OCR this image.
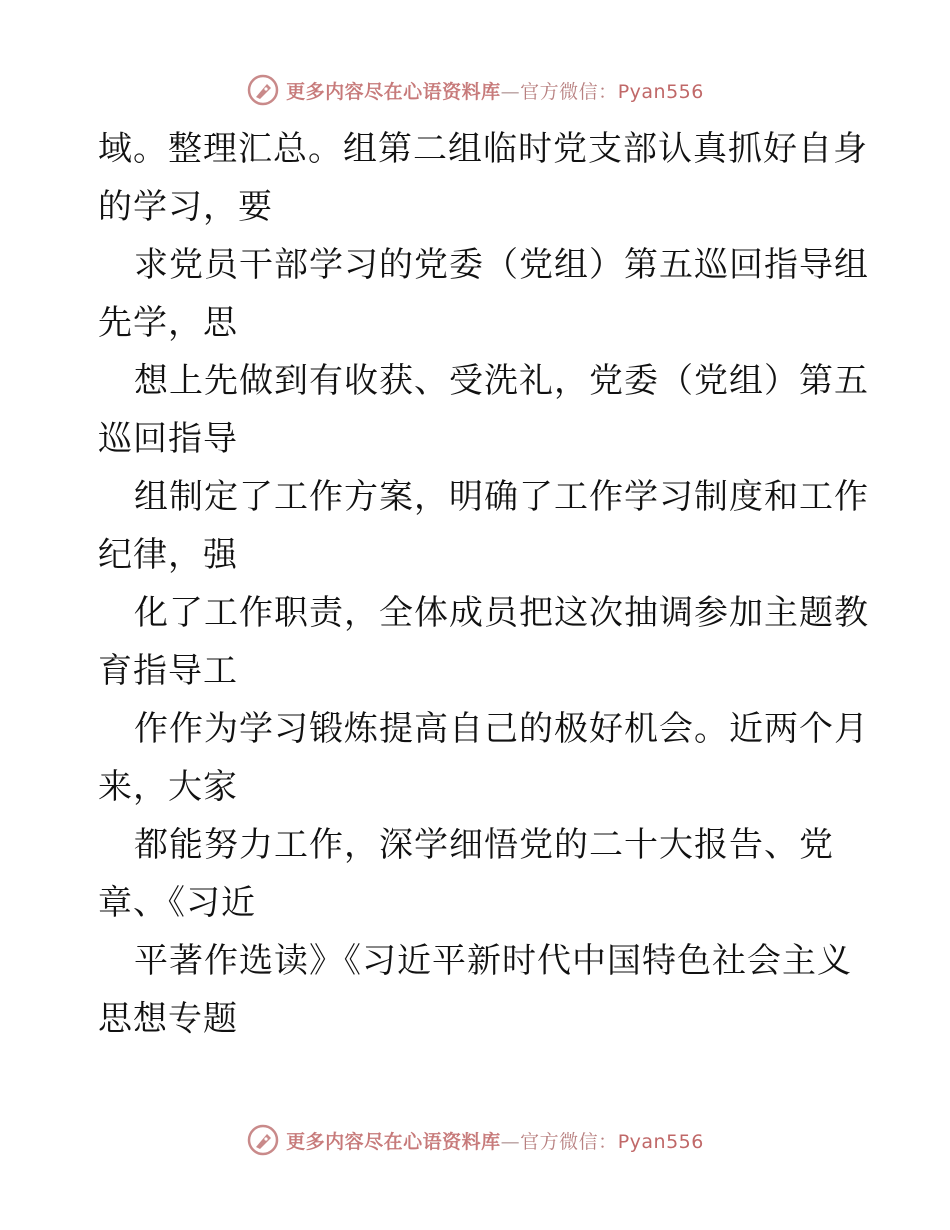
更多内容尽在心语资料库—官方微信：Pyan556
域。整理汇总。组第二组临时党支部认真抓好自身
的学习，要
求党员干部学习的党委（党组）第五巡回指导组
先学，思
想上先做到有收获、受洗礼，党委（党组）第五
巡回指导
组制定了工作方案，明确了工作学习制度和工作
纪律，强
化了工作职责，全体成员把这次抽调参加主题教
育指导工
作作为学习锻炼提高自己的极好机会。近两个月
来，大家
都能努力工作，深学细悟党的二十大报告、党
章、《习近
平著作选读》《习近平新时代中国特色社会主义
思想专题
更多内容尽在心语资料库—官方微信：Pyan556
